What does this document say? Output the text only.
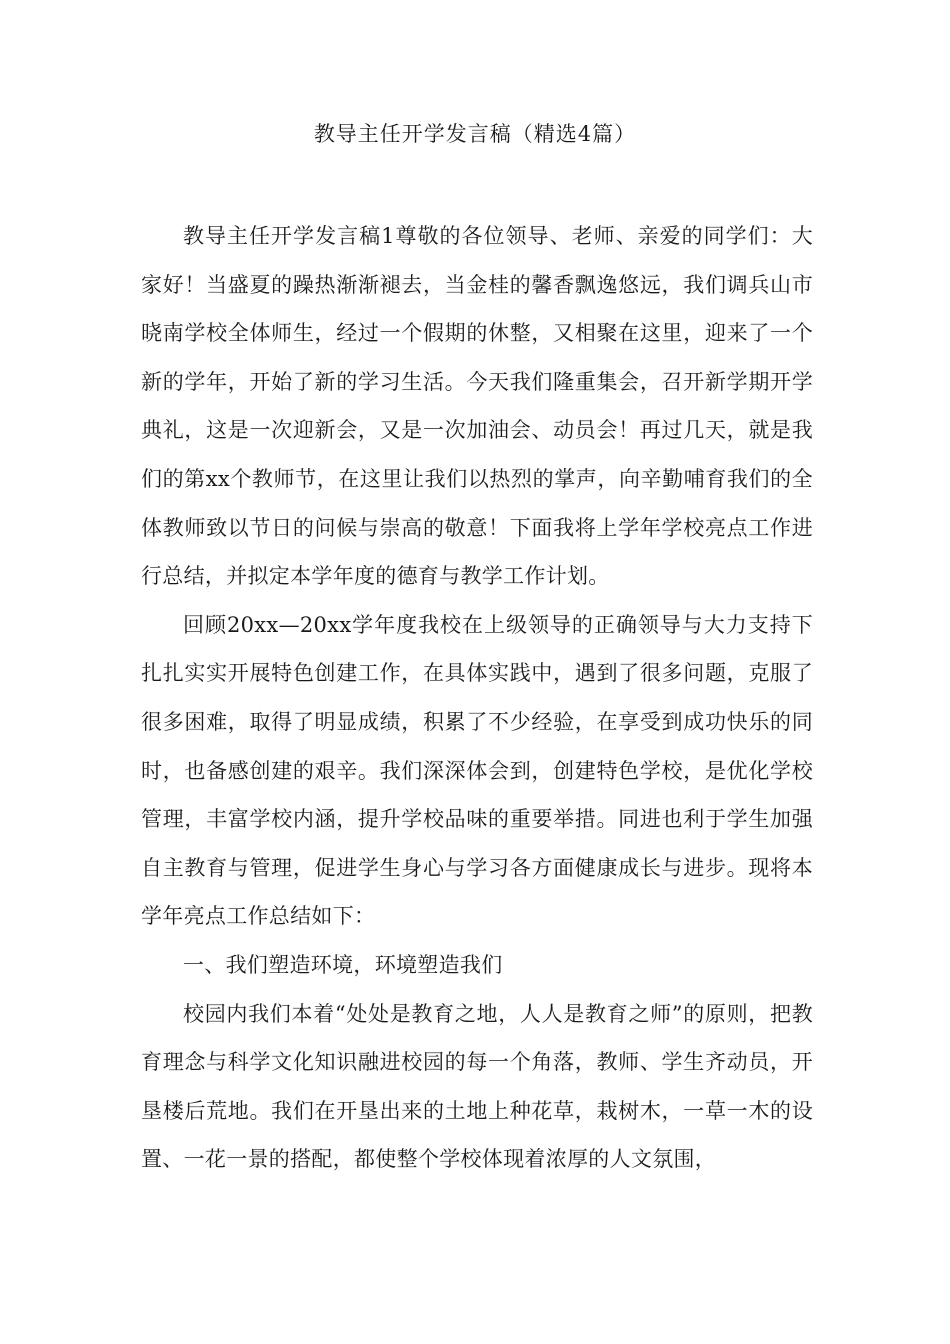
教导主任开学发言稿（精选4篇）

教导主任开学发言稿1尊敬的各位领导、老师、亲爱的同学们：大家好！当盛夏的躁热渐渐褪去，当金桂的馨香飘逸悠远，我们调兵山市晓南学校全体师生，经过一个假期的休整，又相聚在这里，迎来了一个新的学年，开始了新的学习生活。今天我们隆重集会，召开新学期开学典礼，这是一次迎新会，又是一次加油会、动员会！再过几天，就是我们的第xx个教师节，在这里让我们以热烈的掌声，向辛勤哺育我们的全体教师致以节日的问候与崇高的敬意！下面我将上学年学校亮点工作进行总结，并拟定本学年度的德育与教学工作计划。

回顾20xx—20xx学年度我校在上级领导的正确领导与大力支持下扎扎实实开展特色创建工作，在具体实践中，遇到了很多问题，克服了很多困难，取得了明显成绩，积累了不少经验，在享受到成功快乐的同时，也备感创建的艰辛。我们深深体会到，创建特色学校，是优化学校管理，丰富学校内涵，提升学校品味的重要举措。同进也利于学生加强自主教育与管理，促进学生身心与学习各方面健康成长与进步。现将本学年亮点工作总结如下：

一、我们塑造环境，环境塑造我们

校园内我们本着“处处是教育之地，人人是教育之师”的原则，把教育理念与科学文化知识融进校园的每一个角落，教师、学生齐动员，开垦楼后荒地。我们在开垦出来的土地上种花草，栽树木，一草一木的设置、一花一景的搭配，都使整个学校体现着浓厚的人文氛围，
